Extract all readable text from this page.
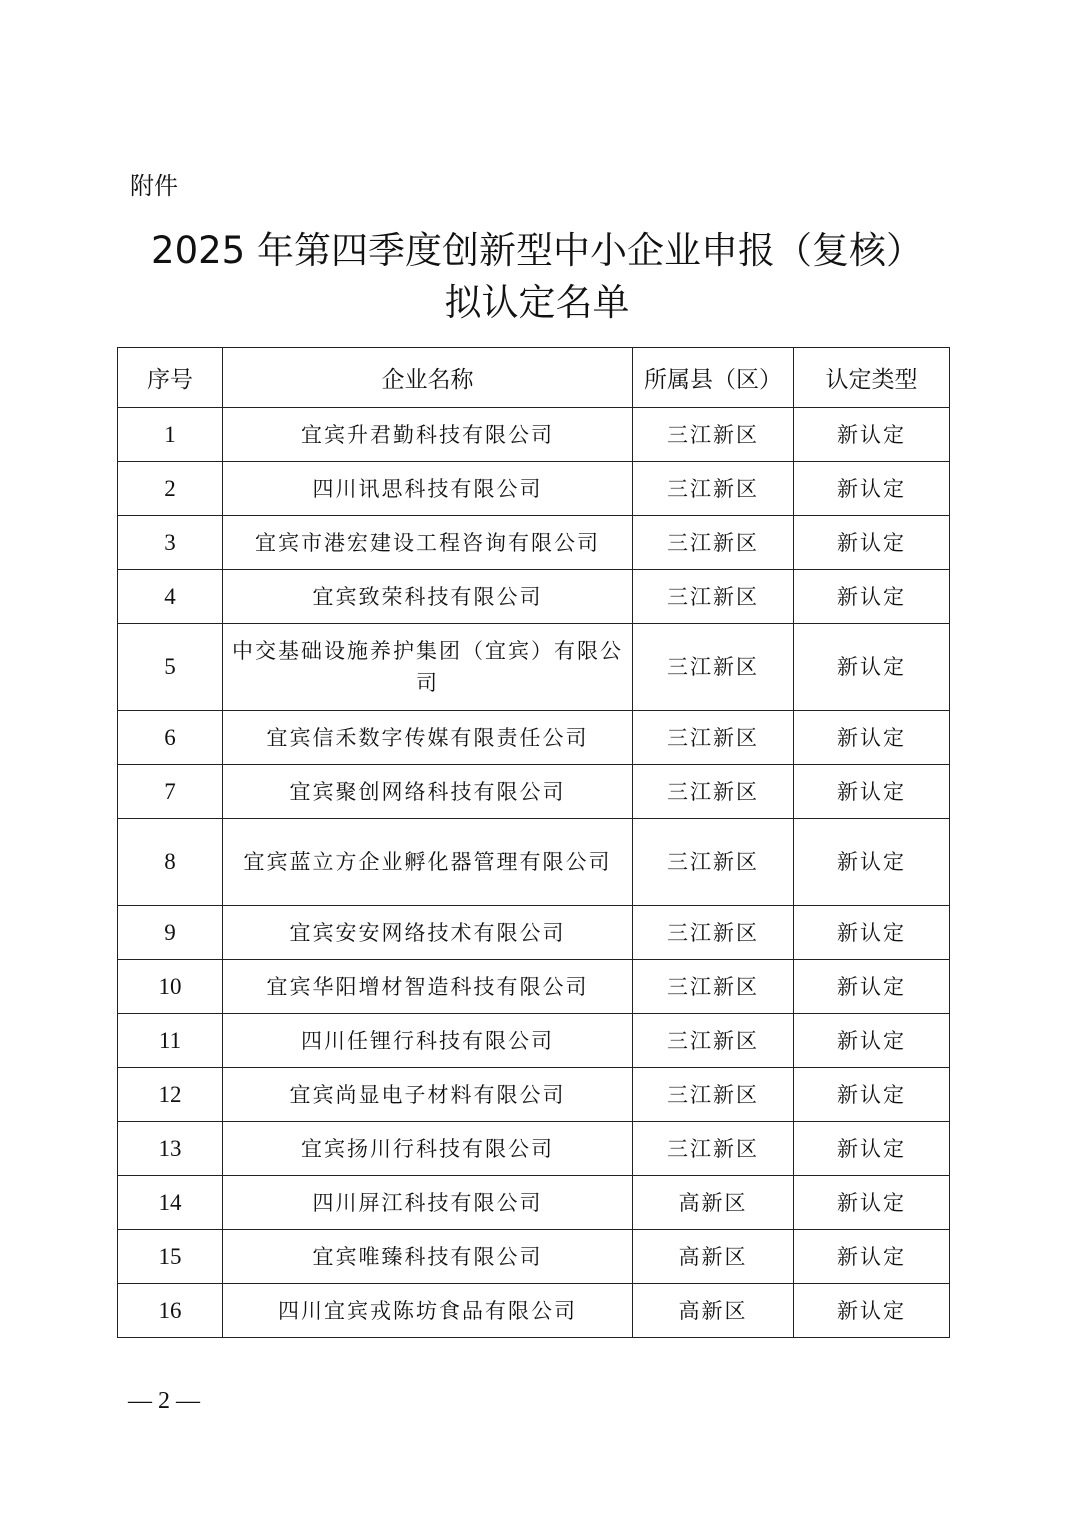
附件
2025 年第四季度创新型中小企业申报（复核）
拟认定名单
序号	企业名称	所属县（区）	认定类型
1	宜宾升君勤科技有限公司	三江新区	新认定
2	四川讯思科技有限公司	三江新区	新认定
3	宜宾市港宏建设工程咨询有限公司	三江新区	新认定
4	宜宾致荣科技有限公司	三江新区	新认定
5	中交基础设施养护集团（宜宾）有限公司	三江新区	新认定
6	宜宾信禾数字传媒有限责任公司	三江新区	新认定
7	宜宾聚创网络科技有限公司	三江新区	新认定
8	宜宾蓝立方企业孵化器管理有限公司	三江新区	新认定
9	宜宾安安网络技术有限公司	三江新区	新认定
10	宜宾华阳增材智造科技有限公司	三江新区	新认定
11	四川任锂行科技有限公司	三江新区	新认定
12	宜宾尚显电子材料有限公司	三江新区	新认定
13	宜宾扬川行科技有限公司	三江新区	新认定
14	四川屏江科技有限公司	高新区	新认定
15	宜宾唯臻科技有限公司	高新区	新认定
16	四川宜宾戎陈坊食品有限公司	高新区	新认定
— 2 —
